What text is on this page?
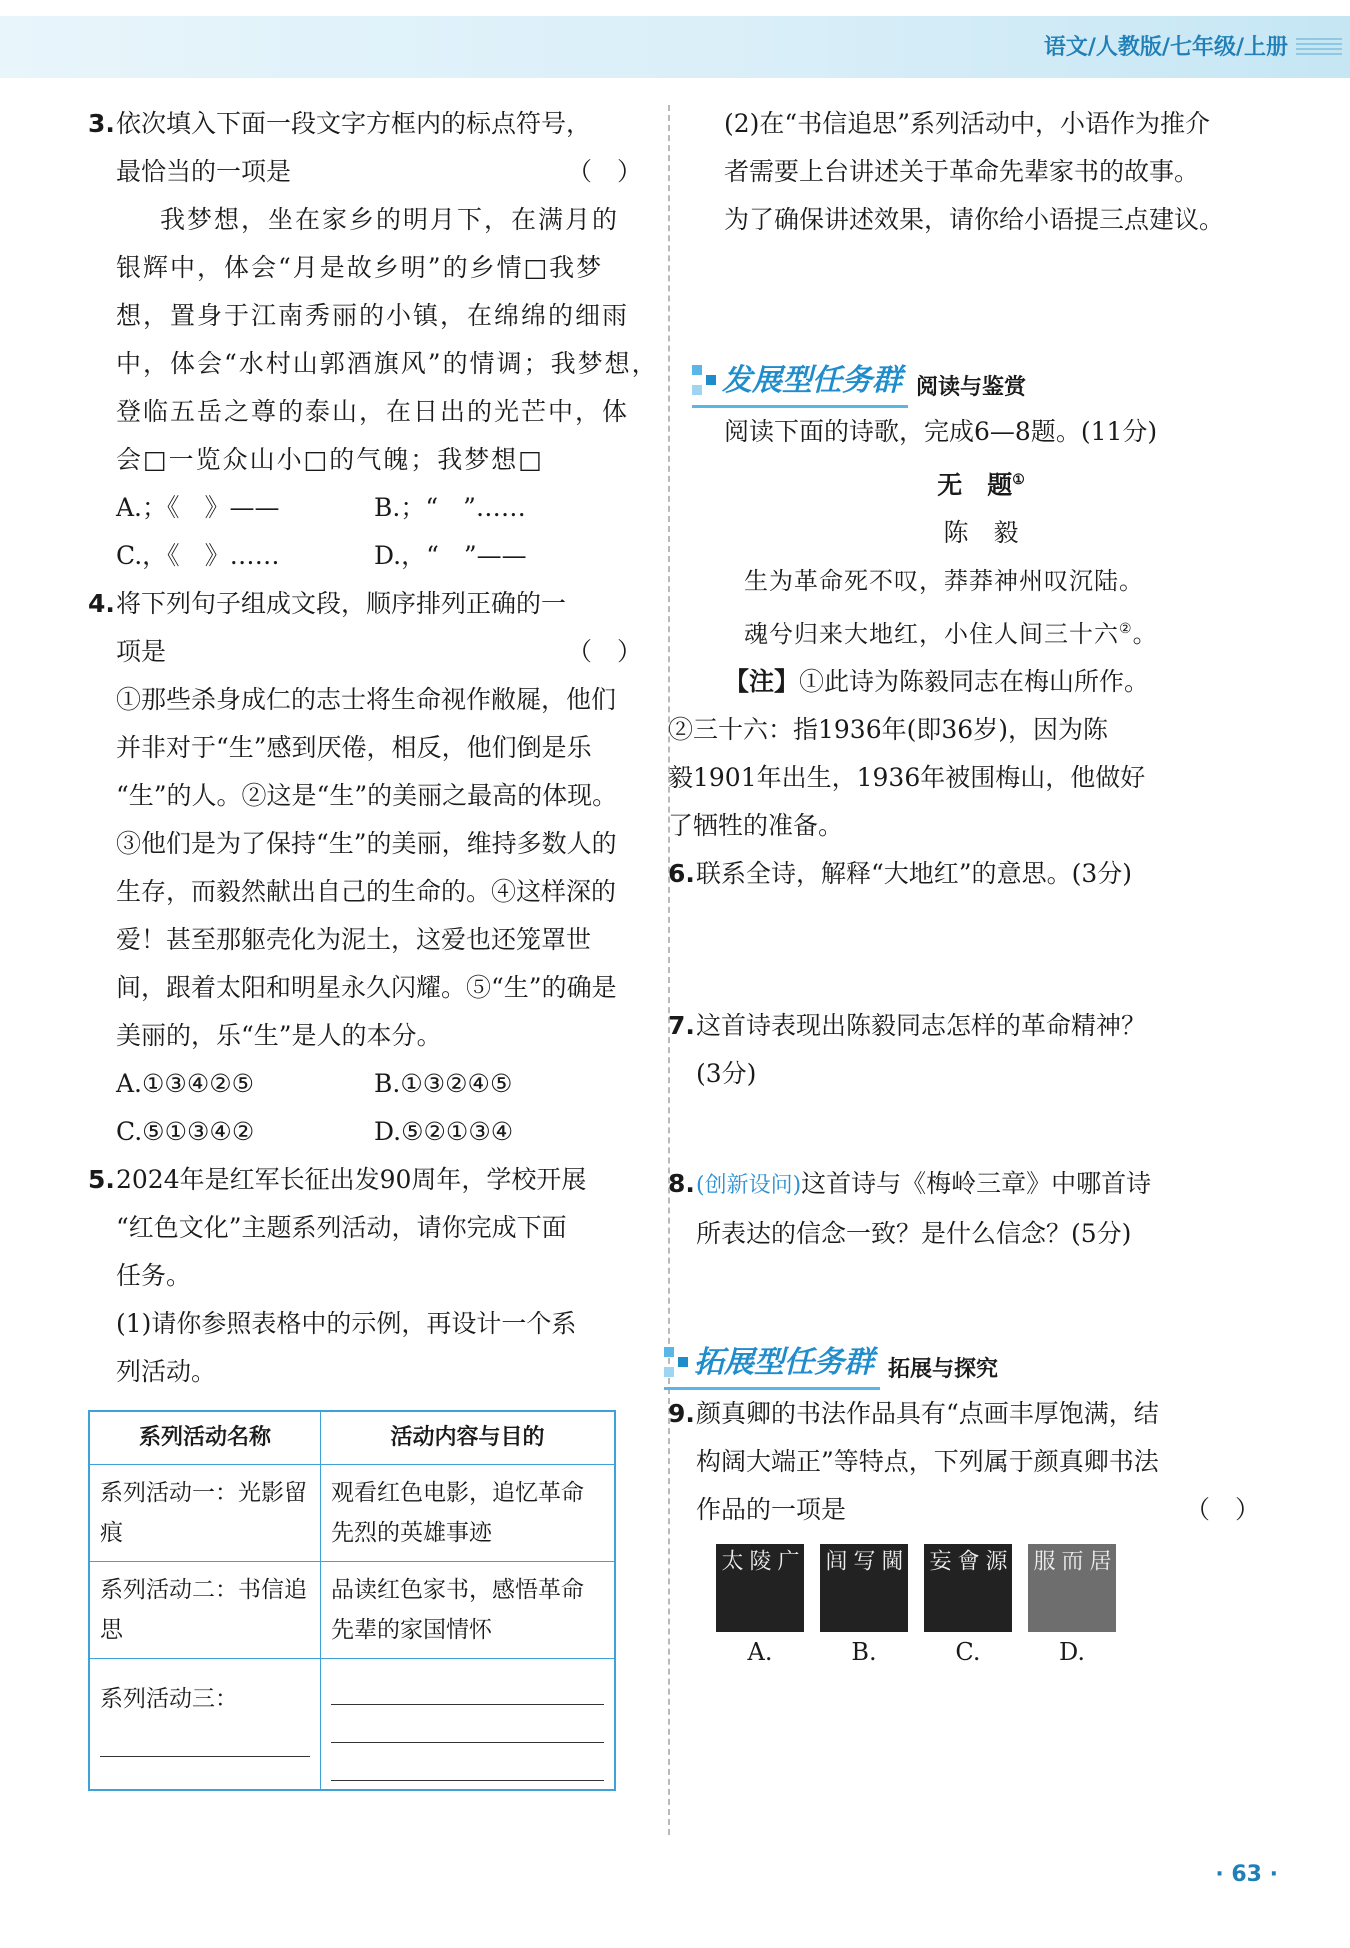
语文/人教版/七年级/上册
3. 依次填入下面一段文字方框内的标点符号，
最恰当的一项是	（　）
我梦想，坐在家乡的明月下，在满月的
银辉中，体会“月是故乡明”的乡情□我梦
想，置身于江南秀丽的小镇，在绵绵的细雨
中，体会“水村山郭酒旗风”的情调；我梦想，
登临五岳之尊的泰山，在日出的光芒中，体
会□一览众山小□的气魄；我梦想□
A.；《　》——	B.；“　”……
C.，《　》……	D.，“　”——
4. 将下列句子组成文段，顺序排列正确的一
项是	（　）
①那些杀身成仁的志士将生命视作敝屣，他们
并非对于“生”感到厌倦，相反，他们倒是乐
“生”的人。②这是“生”的美丽之最高的体现。
③他们是为了保持“生”的美丽，维持多数人的
生存，而毅然献出自己的生命的。④这样深的
爱！甚至那躯壳化为泥土，这爱也还笼罩世
间，跟着太阳和明星永久闪耀。⑤“生”的确是
美丽的，乐“生”是人的本分。
A.①③④②⑤	B.①③②④⑤
C.⑤①③④②	D.⑤②①③④
5. 2024年是红军长征出发90周年，学校开展
“红色文化”主题系列活动，请你完成下面
任务。
(1)请你参照表格中的示例，再设计一个系
列活动。
系列活动名称	活动内容与目的
系列活动一：光影留痕	观看红色电影，追忆革命先烈的英雄事迹
系列活动二：书信追思	品读红色家书，感悟革命先辈的家国情怀

系列活动三：	

(2)在“书信追思”系列活动中，小语作为推介
者需要上台讲述关于革命先辈家书的故事。
为了确保讲述效果，请你给小语提三点建议。
发展型任务群 阅读与鉴赏
阅读下面的诗歌，完成6—8题。(11分)
无　题①
陈　毅
生为革命死不叹，莽莽神州叹沉陆。
魂兮归来大地红，小住人间三十六②。
【注】①此诗为陈毅同志在梅山所作。
②三十六：指1936年(即36岁)，因为陈
毅1901年出生，1936年被围梅山，他做好
了牺牲的准备。
6. 联系全诗，解释“大地红”的意思。(3分)
7. 这首诗表现出陈毅同志怎样的革命精神？
(3分)
8. (创新设问)这首诗与《梅岭三章》中哪首诗
所表达的信念一致？是什么信念？(5分)
拓展型任务群 拓展与探究
9. 颜真卿的书法作品具有“点画丰厚饱满，结
构阔大端正”等特点，下列属于颜真卿书法
作品的一项是	（　）
广陵太
A.
閫写闾
B.
源會妄
C.
居而服
D.
· 63 ·
